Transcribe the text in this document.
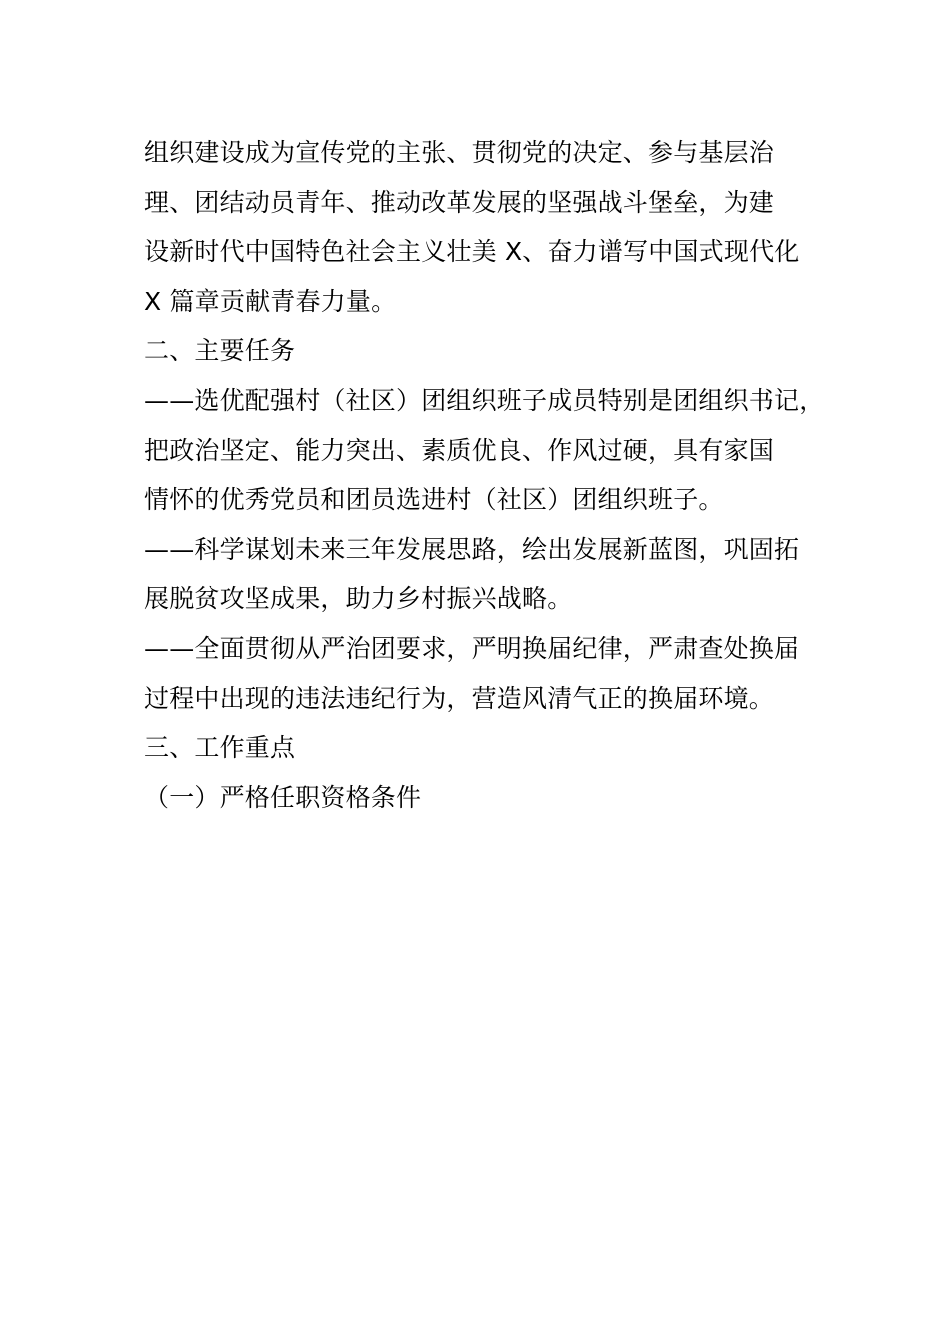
组织建设成为宣传党的主张、贯彻党的决定、参与基层治
理、团结动员青年、推动改革发展的坚强战斗堡垒，为建
设新时代中国特色社会主义壮美 X、奋力谱写中国式现代化
X 篇章贡献青春力量。
二、主要任务
——选优配强村（社区）团组织班子成员特别是团组织书记，
把政治坚定、能力突出、素质优良、作风过硬，具有家国
情怀的优秀党员和团员选进村（社区）团组织班子。
——科学谋划未来三年发展思路，绘出发展新蓝图，巩固拓
展脱贫攻坚成果，助力乡村振兴战略。
——全面贯彻从严治团要求，严明换届纪律，严肃查处换届
过程中出现的违法违纪行为，营造风清气正的换届环境。
三、工作重点
（一）严格任职资格条件
